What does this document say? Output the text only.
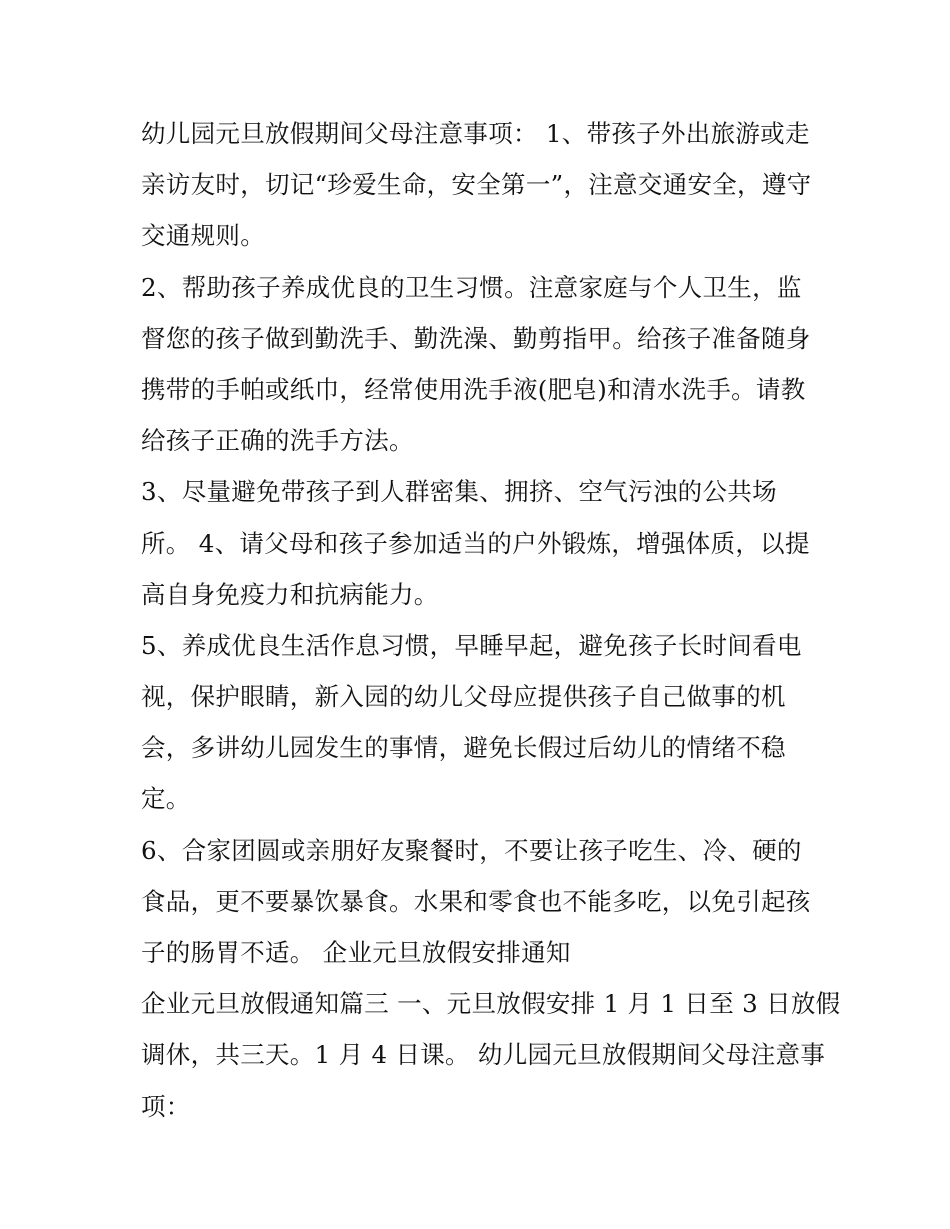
幼儿园元旦放假期间父母注意事项： 1、带孩子外出旅游或走
亲访友时，切记“珍爱生命，安全第一”，注意交通安全，遵守
交通规则。

2、帮助孩子养成优良的卫生习惯。注意家庭与个人卫生，监
督您的孩子做到勤洗手、勤洗澡、勤剪指甲。给孩子准备随身
携带的手帕或纸巾，经常使用洗手液(肥皂)和清水洗手。请教
给孩子正确的洗手方法。

3、尽量避免带孩子到人群密集、拥挤、空气污浊的公共场
所。 4、请父母和孩子参加适当的户外锻炼，增强体质，以提
高自身免疫力和抗病能力。

5、养成优良生活作息习惯，早睡早起，避免孩子长时间看电
视，保护眼睛，新入园的幼儿父母应提供孩子自己做事的机
会，多讲幼儿园发生的事情，避免长假过后幼儿的情绪不稳
定。

6、合家团圆或亲朋好友聚餐时，不要让孩子吃生、冷、硬的
食品，更不要暴饮暴食。水果和零食也不能多吃，以免引起孩
子的肠胃不适。 企业元旦放假安排通知

企业元旦放假通知篇三 一、元旦放假安排 1 月 1 日至 3 日放假
调休，共三天。1 月 4 日课。 幼儿园元旦放假期间父母注意事
项：
